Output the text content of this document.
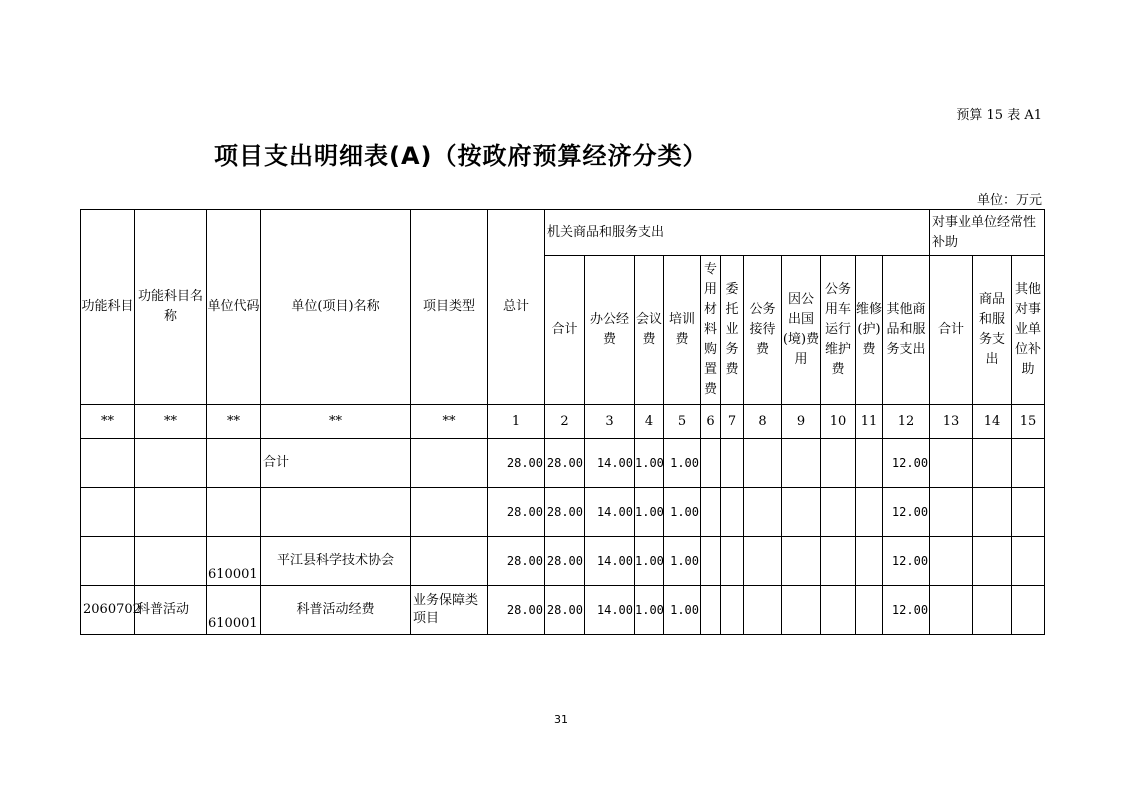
预算 15 表 A1
项目支出明细表(A)（按政府预算经济分类）
单位：万元
功能科目	功能科目名称	单位代码	单位(项目)名称	项目类型	总计	机关商品和服务支出											对事业单位经常性补助		
						合计	办公经费	会议费	培训费	专用材料购置费	委托业务费	公务接待费	因公出国(境)费用	公务用车运行维护费	维修(护)费	其他商品和服务支出	合计	商品和服务支出	其他对事业单位补助
**	**	**	**	**	1	2	3	4	5	6	7	8	9	10	11	12	13	14	15
			合计		28.00	28.00	14.00	1.00	1.00							12.00			
					28.00	28.00	14.00	1.00	1.00							12.00			
		610001	平江县科学技术协会		28.00	28.00	14.00	1.00	1.00							12.00			
2060702	科普活动	610001	科普活动经费	业务保障类项目	28.00	28.00	14.00	1.00	1.00							12.00			
31
